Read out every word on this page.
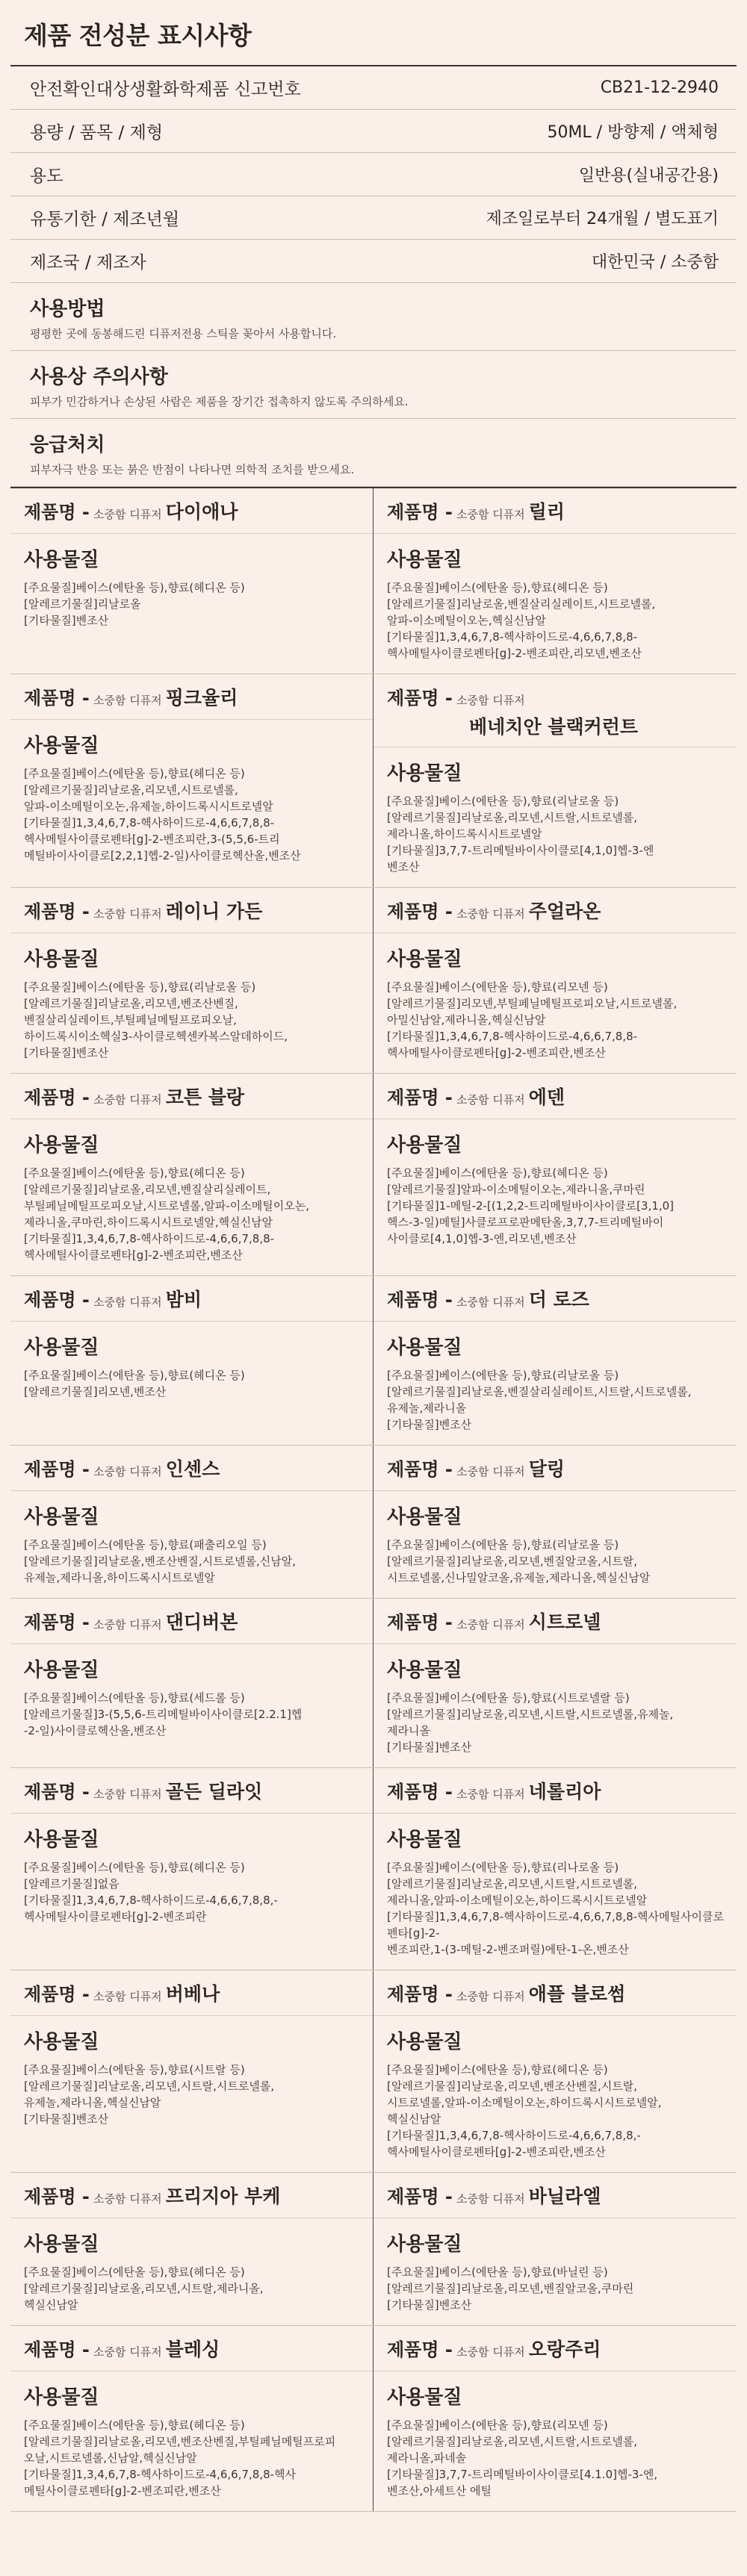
제품 전성분 표시사항
안전확인대상생활화학제품 신고번호	CB21-12-2940
용량 / 품목 / 제형	50ML / 방향제 / 액체형
용도	일반용(실내공간용)
유통기한 / 제조년월	제조일로부터 24개월 / 별도표기
제조국 / 제조자	대한민국 / 소중함
사용방법
평평한 곳에 동봉해드린 디퓨저전용 스틱을 꽂아서 사용합니다.
사용상 주의사항
피부가 민감하거나 손상된 사람은 제품을 장기간 접촉하지 않도록 주의하세요.
응급처치
피부자극 반응 또는 붉은 반점이 나타나면 의학적 조치를 받으세요.
제품명 - 소중함 디퓨저 다이애나
사용물질
[주요물질]베이스(에탄올 등),향료(헤디온 등)
[알레르기물질]리날로올
[기타물질]벤조산
제품명 - 소중함 디퓨저 릴리
사용물질
[주요물질]베이스(에탄올 등),향료(헤디온 등)
[알레르기물질]리날로올,벤질살리실레이트,시트로넬롤,
알파-이소메틸이오논,헥실신남알
[기타물질]1,3,4,6,7,8-헥사하이드로-4,6,6,7,8,8-
헥사메틸사이클로펜타[g]-2-벤조피란,리모넨,벤조산
제품명 - 소중함 디퓨저 핑크율리
사용물질
[주요물질]베이스(에탄올 등),향료(헤디온 등)
[알레르기물질]리날로올,리모넨,시트로넬롤,
알파-이소메틸이오논,유제놀,하이드록시시트로넬알
[기타물질]1,3,4,6,7,8-헥사하이드로-4,6,6,7,8,8-
헥사메틸사이클로펜타[g]-2-벤조피란,3-(5,5,6-트리
메틸바이사이클로[2,2,1]헵-2-일)사이클로헥산올,벤조산
제품명 - 소중함 디퓨저
베네치안 블랙커런트
사용물질
[주요물질]베이스(에탄올 등),향료(리날로올 등)
[알레르기물질]리날로올,리모넨,시트랄,시트로넬롤,
제라니올,하이드록시시트로넬알
[기타물질]3,7,7-트리메틸바이사이클로[4,1,0]헵-3-엔
벤조산
제품명 - 소중함 디퓨저 레이니 가든
사용물질
[주요물질]베이스(에탄올 등),향료(리날로올 등)
[알레르기물질]리날로올,리모넨,벤조산벤질,
벤질살리실레이트,부틸페닐메틸프로피오날,
하이드록시이소헥실3-사이클로헥센카복스알데하이드,
[기타물질]벤조산
제품명 - 소중함 디퓨저 주얼라온
사용물질
[주요물질]베이스(에탄올 등),향료(리모넨 등)
[알레르기물질]리모넨,부틸페닐메틸프로피오날,시트로넬롤,
아밀신남알,제라니올,헥실신남알
[기타물질]1,3,4,6,7,8-헥사하이드로-4,6,6,7,8,8-
헥사메틸사이클로펜타[g]-2-벤조피란,벤조산
제품명 - 소중함 디퓨저 코튼 블랑
사용물질
[주요물질]베이스(에탄올 등),향료(헤디온 등)
[알레르기물질]리날로올,리모넨,벤질살리실레이트,
부틸페닐메틸프로피오날,시트로넬롤,알파-이소메틸이오논,
제라니올,쿠마린,하이드록시시트로넬알,헥실신남알
[기타물질]1,3,4,6,7,8-헥사하이드로-4,6,6,7,8,8-
헥사메틸사이클로펜타[g]-2-벤조피란,벤조산
제품명 - 소중함 디퓨저 에덴
사용물질
[주요물질]베이스(에탄올 등),향료(헤디온 등)
[알레르기물질]알파-이소메틸이오논,제라니올,쿠마린
[기타물질]1-메틸-2-[(1,2,2-트리메틸바이사이클로[3,1,0]
헥스-3-일)메틸]사클로프로판메탄올,3,7,7-트리메틸바이
사이클로[4,1,0]헵-3-엔,리모넨,벤조산
제품명 - 소중함 디퓨저 밤비
사용물질
[주요물질]베이스(에탄올 등),향료(헤디온 등)
[알레르기물질]리모넨,벤조산
제품명 - 소중함 디퓨저 더 로즈
사용물질
[주요물질]베이스(에탄올 등),향료(리날로올 등)
[알레르기물질]리날로올,벤질살리실레이트,시트랄,시트로넬롤,
유제놀,제라니올
[기타물질]벤조산
제품명 - 소중함 디퓨저 인센스
사용물질
[주요물질]베이스(에탄올 등),향료(패출리오일 등)
[알레르기물질]리날로올,벤조산벤질,시트로넬롤,신남알,
유제놀,제라니올,하이드록시시트로넬알
제품명 - 소중함 디퓨저 달링
사용물질
[주요물질]베이스(에탄올 등),향료(리날로올 등)
[알레르기물질]리날로올,리모넨,벤질알코올,시트랄,
시트로넬롤,신나밀알코올,유제놀,제라니올,헥실신남알
제품명 - 소중함 디퓨저 댄디버본
사용물질
[주요물질]베이스(에탄올 등),향료(세드롤 등)
[알레르기물질]3-(5,5,6-트리메틸바이사이클로[2.2.1]헵
-2-일)사이클로헥산올,벤조산
제품명 - 소중함 디퓨저 시트로넬
사용물질
[주요물질]베이스(에탄올 등),향료(시트로넬랄 등)
[알레르기물질]리날로올,리모넨,시트랄,시트로넬롤,유제놀,
제라니올
[기타물질]벤조산
제품명 - 소중함 디퓨저 골든 딜라잇
사용물질
[주요물질]베이스(에탄올 등),향료(헤디온 등)
[알레르기물질]없음
[기타물질]1,3,4,6,7,8-헥사하이드로-4,6,6,7,8,8,-
헥사메틸사이클로펜타[g]-2-벤조피란
제품명 - 소중함 디퓨저 네롤리아
사용물질
[주요물질]베이스(에탄올 등),향료(리나로올 등)
[알레르기물질]리날로올,리모넨,시트랄,시트로넬롤,
제라니올,알파-이소메틸이오논,하이드록시시트로넬알
[기타물질]1,3,4,6,7,8-헥사하이드로-4,6,6,7,8,8-헥사메틸사이클로펜타[g]-2-
벤조피란,1-(3-메틸-2-벤조퍼릴)에탄-1-온,벤조산
제품명 - 소중함 디퓨저 버베나
사용물질
[주요물질]베이스(에탄올 등),향료(시트랄 등)
[알레르기물질]리날로올,리모넨,시트랄,시트로넬롤,
유제놀,제라니올,헥실신남알
[기타물질]벤조산
제품명 - 소중함 디퓨저 애플 블로썸
사용물질
[주요물질]베이스(에탄올 등),향료(헤디온 등)
[알레르기물질]리날로올,리모넨,벤조산벤질,시트랄,
시트로넬롤,알파-이소메틸이오논,하이드록시시트로넬알,
헥실신남알
[기타물질]1,3,4,6,7,8-헥사하이드로-4,6,6,7,8,8,-
헥사메틸사이클로펜타[g]-2-벤조피란,벤조산
제품명 - 소중함 디퓨저 프리지아 부케
사용물질
[주요물질]베이스(에탄올 등),향료(헤디온 등)
[알레르기물질]리날로올,리모넨,시트랄,제라니올,
헥실신남알
제품명 - 소중함 디퓨저 바닐라엘
사용물질
[주요물질]베이스(에탄올 등),향료(바닐린 등)
[알레르기물질]리날로올,리모넨,벤질알코올,쿠마린
[기타물질]벤조산
제품명 - 소중함 디퓨저 블레싱
사용물질
[주요물질]베이스(에탄올 등),향료(헤디온 등)
[알레르기물질]리날로올,리모넨,벤조산벤질,부틸페닐메틸프로피
오날,시트로넬롤,신남알,헥실신남알
[기타물질]1,3,4,6,7,8-헥사하이드로-4,6,6,7,8,8-헥사
메틸사이클로펜타[g]-2-벤조피란,벤조산
제품명 - 소중함 디퓨저 오랑주리
사용물질
[주요물질]베이스(에탄올 등),향료(리모넨 등)
[알레르기물질]리날로올,리모넨,시트랄,시트로넬롤,
제라니올,파네솔
[기타물질]3,7,7-트리메틸바이사이클로[4.1.0]헵-3-엔,
벤조산,아세트산 에틸
